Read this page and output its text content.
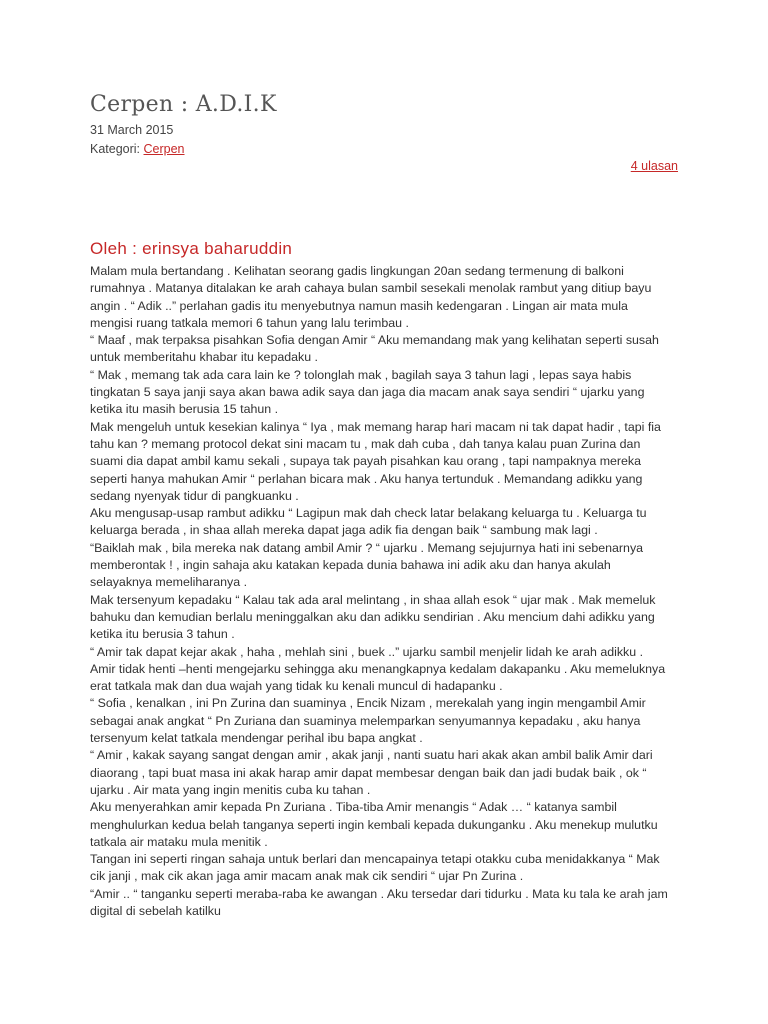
Cerpen : A.D.I.K
31 March 2015
Kategori: Cerpen
4 ulasan
Oleh : erinsya baharuddin
Malam mula bertandang . Kelihatan seorang gadis lingkungan 20an sedang termenung di balkoni
rumahnya . Matanya ditalakan ke arah cahaya bulan sambil sesekali menolak rambut yang ditiup bayu
angin . “ Adik ..” perlahan gadis itu menyebutnya namun masih kedengaran . Lingan air mata mula
mengisi ruang tatkala memori 6 tahun yang lalu terimbau .
“ Maaf , mak terpaksa pisahkan Sofia dengan Amir “ Aku memandang mak yang kelihatan seperti susah
untuk memberitahu khabar itu kepadaku .
“ Mak , memang tak ada cara lain ke ? tolonglah mak , bagilah saya 3 tahun lagi , lepas saya habis
tingkatan 5 saya janji saya akan bawa adik saya dan jaga dia macam anak saya sendiri “ ujarku yang
ketika itu masih berusia 15 tahun .
Mak mengeluh untuk kesekian kalinya “ Iya , mak memang harap hari macam ni tak dapat hadir , tapi fia
tahu kan ? memang protocol dekat sini macam tu , mak dah cuba , dah tanya kalau puan Zurina dan
suami dia dapat ambil kamu sekali , supaya tak payah pisahkan kau orang , tapi nampaknya mereka
seperti hanya mahukan Amir “ perlahan bicara mak . Aku hanya tertunduk . Memandang adikku yang
sedang nyenyak tidur di pangkuanku .
Aku mengusap-usap rambut adikku “ Lagipun mak dah check latar belakang keluarga tu . Keluarga tu
keluarga berada , in shaa allah mereka dapat jaga adik fia dengan baik “ sambung mak lagi .
“Baiklah mak , bila mereka nak datang ambil Amir ? “ ujarku . Memang sejujurnya hati ini sebenarnya
memberontak ! , ingin sahaja aku katakan kepada dunia bahawa ini adik aku dan hanya akulah
selayaknya memeliharanya .
Mak tersenyum kepadaku “ Kalau tak ada aral melintang , in shaa allah esok “ ujar mak . Mak memeluk
bahuku dan kemudian berlalu meninggalkan aku dan adikku sendirian . Aku mencium dahi adikku yang
ketika itu berusia 3 tahun .
“ Amir tak dapat kejar akak , haha , mehlah sini , buek ..” ujarku sambil menjelir lidah ke arah adikku .
Amir tidak henti –henti mengejarku sehingga aku menangkapnya kedalam dakapanku . Aku memeluknya
erat tatkala mak dan dua wajah yang tidak ku kenali muncul di hadapanku .
“ Sofia , kenalkan , ini Pn Zurina dan suaminya , Encik Nizam , merekalah yang ingin mengambil Amir
sebagai anak angkat “ Pn Zuriana dan suaminya melemparkan senyumannya kepadaku , aku hanya
tersenyum kelat tatkala mendengar perihal ibu bapa angkat .
“ Amir , kakak sayang sangat dengan amir , akak janji , nanti suatu hari akak akan ambil balik Amir dari
diaorang , tapi buat masa ini akak harap amir dapat membesar dengan baik dan jadi budak baik , ok “
ujarku . Air mata yang ingin menitis cuba ku tahan .
Aku menyerahkan amir kepada Pn Zuriana . Tiba-tiba Amir menangis “ Adak … “ katanya sambil
menghulurkan kedua belah tanganya seperti ingin kembali kepada dukunganku . Aku menekup mulutku
tatkala air mataku mula menitik .
Tangan ini seperti ringan sahaja untuk berlari dan mencapainya tetapi otakku cuba menidakkanya “ Mak
cik janji , mak cik akan jaga amir macam anak mak cik sendiri “ ujar Pn Zurina .
“Amir .. “ tanganku seperti meraba-raba ke awangan . Aku tersedar dari tidurku . Mata ku tala ke arah jam
digital di sebelah katilku
